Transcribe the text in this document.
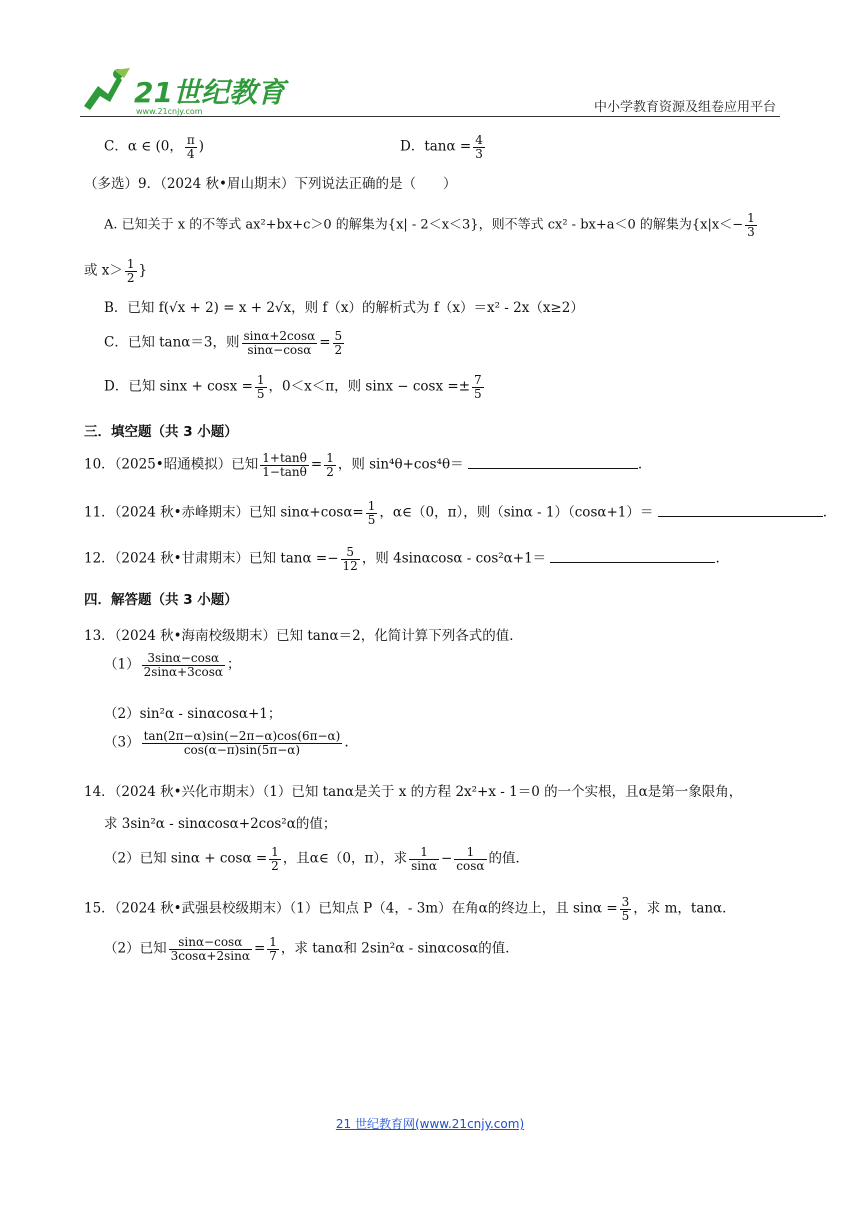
21世纪教育
www.21cnjy.com	中小学教育资源及组卷应用平台
C．α ∈ (0， $\frac{\pi}{4}$ )	D．$\tan\alpha = \frac{4}{3}$
（多选）9．（2024 秋•眉山期末）下列说法正确的是（　　）
A. 已知关于 x 的不等式 ax²+bx+c＞0 的解集为{x| ‑ 2＜x＜3}，则不等式 cx² ‑ bx+a＜0 的解集为{$x|x<- \frac{1}{3}$
或 $x> \frac{1}{2}$ }
B．已知 f(√x + 2) = x + 2√x，则 f（x）的解析式为 f（x）＝x² ‑ 2x（x≥2）
C．已知 tanα＝3，则 $\frac{\sin\alpha+2\cos\alpha}{\sin\alpha-\cos\alpha} = \frac{5}{2}$
D．已知 $\sin x + \cos x = \frac{1}{5}$ ，0＜x＜π，则 $\sin x - \cos x =\pm \frac{7}{5}$
三．填空题（共 3 小题）
10．（2025•昭通模拟）已知 $\frac{1+\tan\theta}{1-\tan\theta} = \frac{1}{2}$ ，则 sin⁴θ+cos⁴θ＝	.
11．（2024 秋•赤峰期末）已知 $\sin\alpha+\cos\alpha= \frac{1}{5}$ ，α∈（0，π），则（sinα ‑ 1）（cosα+1）＝	.
12．（2024 秋•甘肃期末）已知 $\tan\alpha =- \frac{5}{12}$ ，则 4sinαcosα ‑ cos²α+1＝	.
四．解答题（共 3 小题）
13．（2024 秋•海南校级期末）已知 tanα＝2，化简计算下列各式的值．
$(1) \frac{3\sin\alpha-\cos\alpha}{2\sin\alpha+3\cos\alpha}$ ；
（2）sin²α ‑ sinαcosα+1；
$(3) \frac{\tan(2\pi-\alpha)\sin(-2\pi-\alpha)\cos(6\pi-\alpha)}{\cos(\alpha-\pi)\sin(5\pi-\alpha)}$ .
14．（2024 秋•兴化市期末）（1）已知 tanα是关于 x 的方程 2x²+x ‑ 1＝0 的一个实根，且α是第一象限角，
求 3sin²α ‑ sinαcosα+2cos²α的值；
（2）已知 $\sin\alpha + \cos\alpha = \frac{1}{2}$ ，且α∈（0，π），求 $\frac{1}{\sin\alpha} - \frac{1}{\cos\alpha}$ 的值．
15．（2024 秋•武强县校级期末）（1）已知点 P（4，‑ 3m）在角α的终边上，且 $\sin\alpha = \frac{3}{5}$ ，求 m，tanα．
（2）已知 $\frac{\sin\alpha-\cos\alpha}{3\cos\alpha+2\sin\alpha} = \frac{1}{7}$ ，求 tanα和 2sin²α ‑ sinαcosα的值．
21 世纪教育网(www.21cnjy.com)
